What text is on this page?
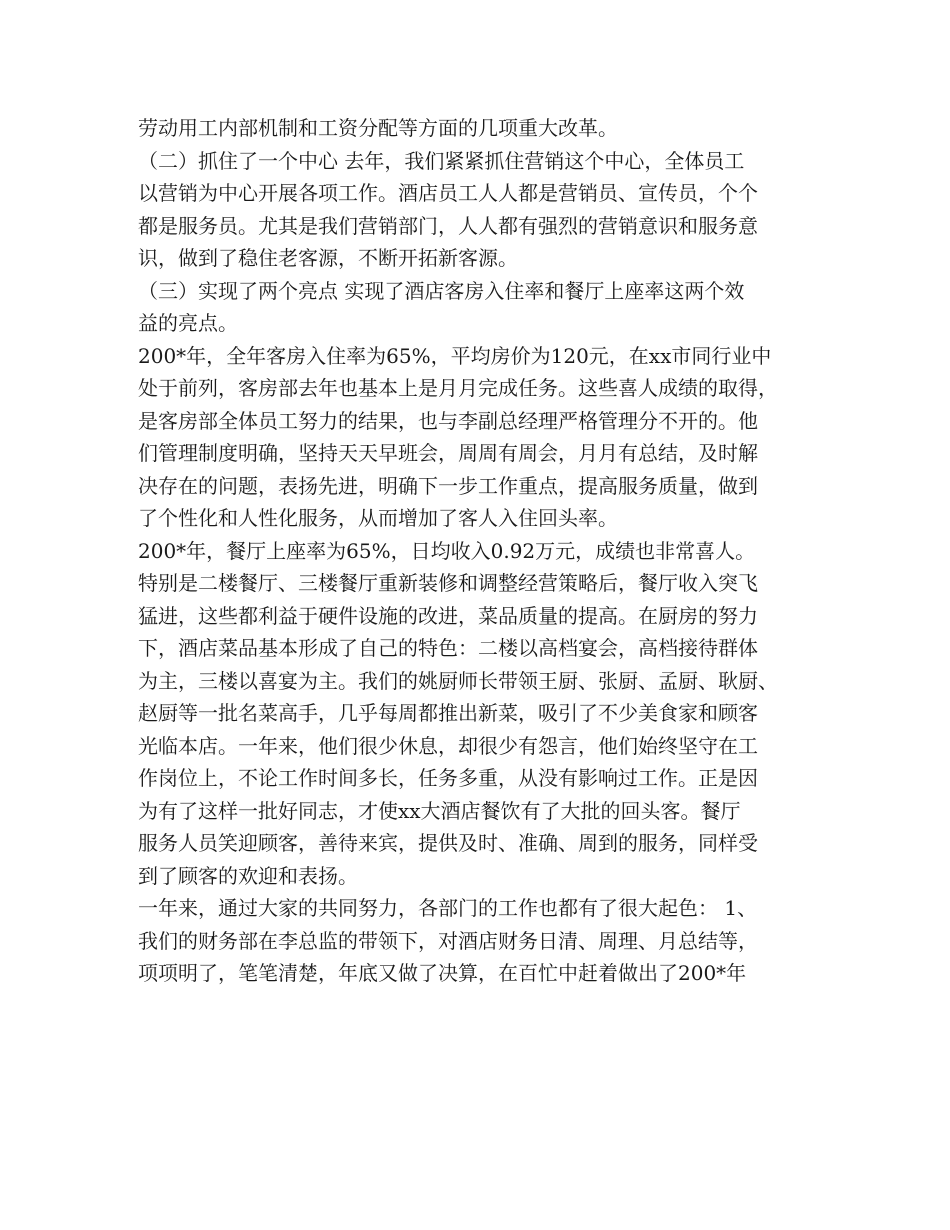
劳动用工内部机制和工资分配等方面的几项重大改革。
（二）抓住了一个中心 去年，我们紧紧抓住营销这个中心，全体员工
以营销为中心开展各项工作。酒店员工人人都是营销员、宣传员，个个
都是服务员。尤其是我们营销部门，人人都有强烈的营销意识和服务意
识，做到了稳住老客源，不断开拓新客源。
（三）实现了两个亮点 实现了酒店客房入住率和餐厅上座率这两个效
益的亮点。
200*年，全年客房入住率为65%，平均房价为120元，在xx市同行业中
处于前列，客房部去年也基本上是月月完成任务。这些喜人成绩的取得，
是客房部全体员工努力的结果，也与李副总经理严格管理分不开的。他
们管理制度明确，坚持天天早班会，周周有周会，月月有总结，及时解
决存在的问题，表扬先进，明确下一步工作重点，提高服务质量，做到
了个性化和人性化服务，从而增加了客人入住回头率。
200*年，餐厅上座率为65%，日均收入0.92万元，成绩也非常喜人。
特别是二楼餐厅、三楼餐厅重新装修和调整经营策略后，餐厅收入突飞
猛进，这些都利益于硬件设施的改进，菜品质量的提高。在厨房的努力
下，酒店菜品基本形成了自己的特色：二楼以高档宴会，高档接待群体
为主，三楼以喜宴为主。我们的姚厨师长带领王厨、张厨、孟厨、耿厨、
赵厨等一批名菜高手，几乎每周都推出新菜，吸引了不少美食家和顾客
光临本店。一年来，他们很少休息，却很少有怨言，他们始终坚守在工
作岗位上，不论工作时间多长，任务多重，从没有影响过工作。正是因
为有了这样一批好同志，才使xx大酒店餐饮有了大批的回头客。餐厅
服务人员笑迎顾客，善待来宾，提供及时、准确、周到的服务，同样受
到了顾客的欢迎和表扬。
一年来，通过大家的共同努力，各部门的工作也都有了很大起色： 1、
我们的财务部在李总监的带领下，对酒店财务日清、周理、月总结等，
项项明了，笔笔清楚，年底又做了决算，在百忙中赶着做出了200*年
